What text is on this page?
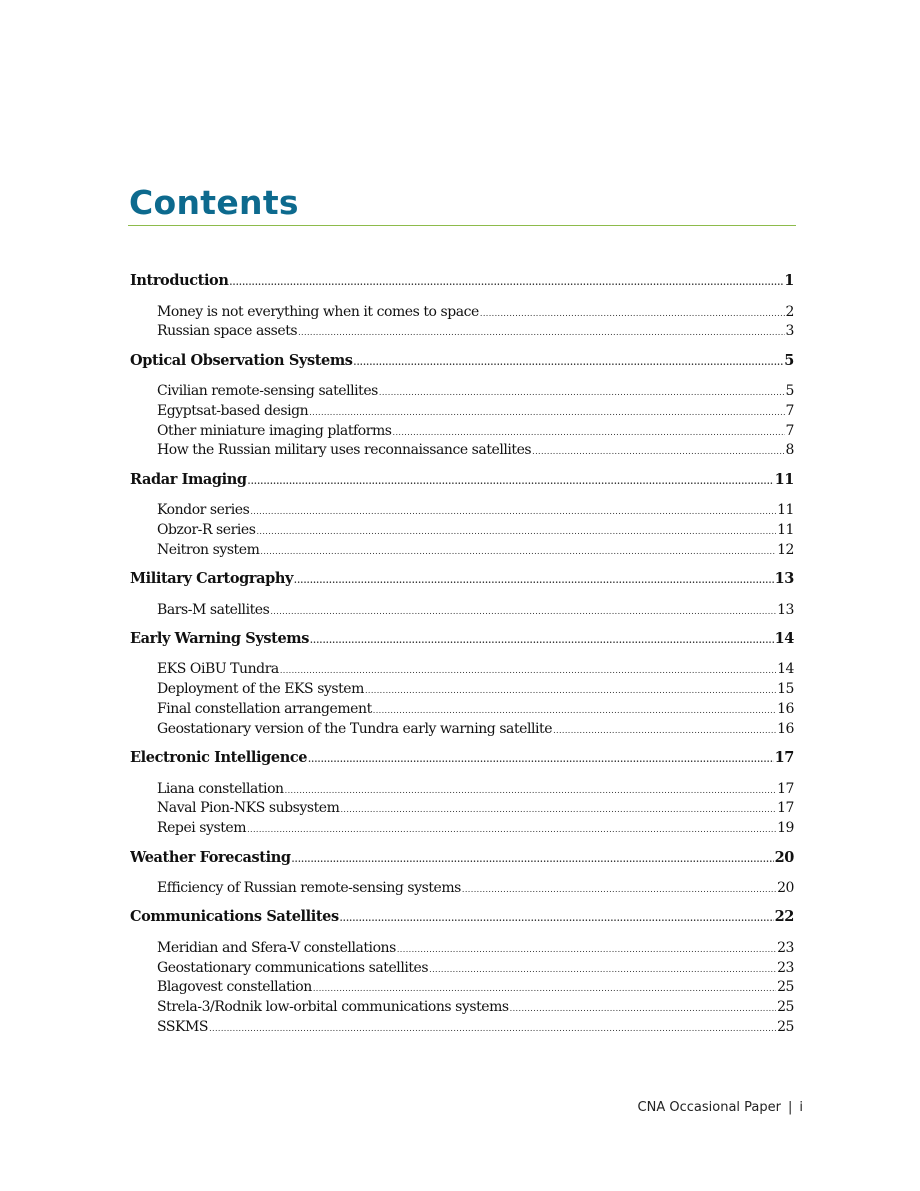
Contents
Introduction .....	1
Money is not everything when it comes to space .....	2
Russian space assets .....	3
Optical Observation Systems .....	5
Civilian remote-sensing satellites .....	5
Egyptsat-based design .....	7
Other miniature imaging platforms .....	7
How the Russian military uses reconnaissance satellites .....	8
Radar Imaging .....	11
Kondor series .....	11
Obzor-R series .....	11
Neitron system .....	12
Military Cartography .....	13
Bars-M satellites .....	13
Early Warning Systems .....	14
EKS OiBU Tundra .....	14
Deployment of the EKS system .....	15
Final constellation arrangement .....	16
Geostationary version of the Tundra early warning satellite .....	16
Electronic Intelligence .....	17
Liana constellation .....	17
Naval Pion-NKS subsystem .....	17
Repei system .....	19
Weather Forecasting .....	20
Efficiency of Russian remote-sensing systems .....	20
Communications Satellites .....	22
Meridian and Sfera-V constellations .....	23
Geostationary communications satellites .....	23
Blagovest constellation .....	25
Strela-3/Rodnik low-orbital communications systems .....	25
SSKMS .....	25
CNA Occasional Paper | i
